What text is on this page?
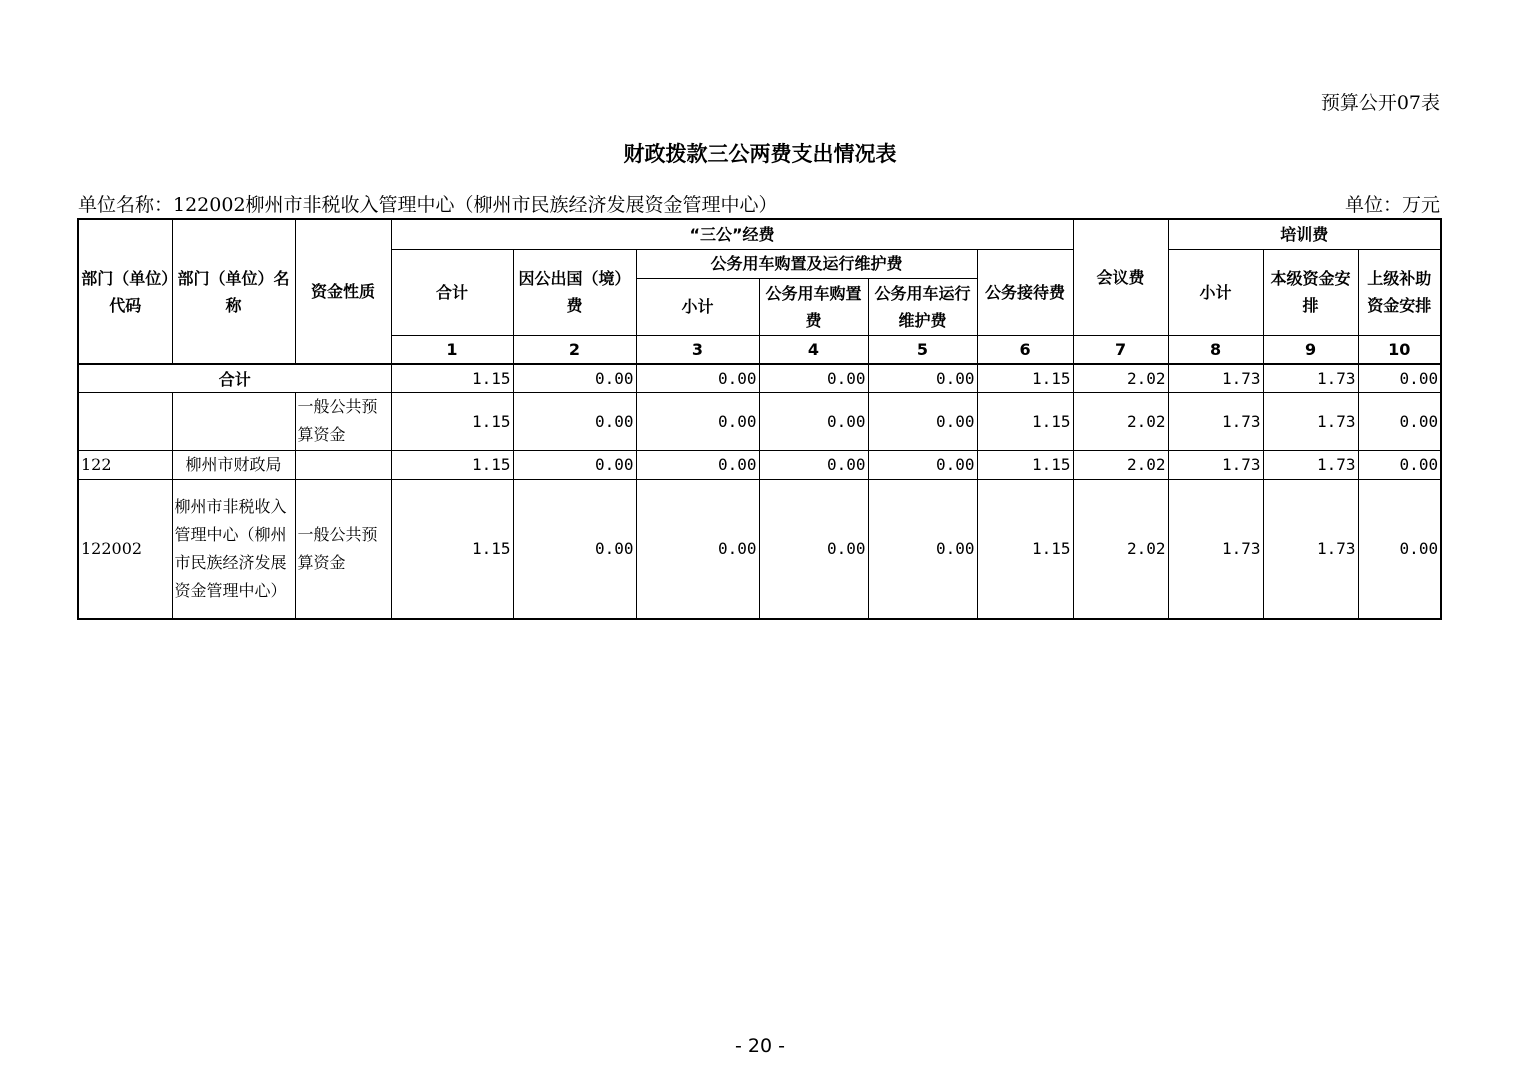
预算公开07表
财政拨款三公两费支出情况表
单位名称：122002柳州市非税收入管理中心（柳州市民族经济发展资金管理中心）	单位：万元
部门（单位）代码	部门（单位）名称	资金性质	“三公”经费						会议费	培训费		
			合计	因公出国（境）费	公务用车购置及运行维护费			公务接待费		小计	本级资金安排	上级补助资金安排
					小计	公务用车购置费	公务用车运行维护费					
			1	2	3	4	5	6	7	8	9	10
合计			1.15	0.00	0.00	0.00	0.00	1.15	2.02	1.73	1.73	0.00
		一般公共预算资金	1.15	0.00	0.00	0.00	0.00	1.15	2.02	1.73	1.73	0.00
122	柳州市财政局		1.15	0.00	0.00	0.00	0.00	1.15	2.02	1.73	1.73	0.00
122002	柳州市非税收入管理中心（柳州市民族经济发展资金管理中心）	一般公共预算资金	1.15	0.00	0.00	0.00	0.00	1.15	2.02	1.73	1.73	0.00
- 20 -
